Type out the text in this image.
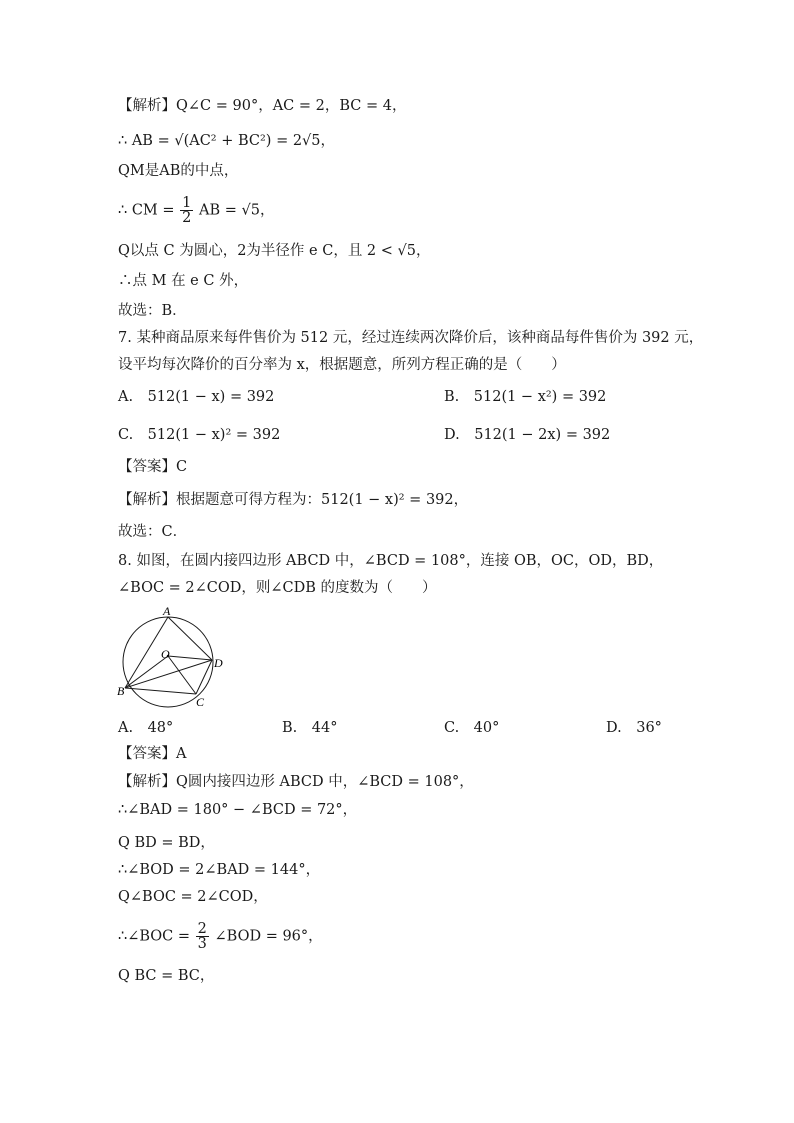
【解析】Q∠C = 90°，AC = 2，BC = 4，
∴ AB = √(AC² + BC²) = 2√5，
QM是AB的中点，
∴ CM = $\frac{1}{2}$ AB = √5，
Q以点 C 为圆心，2为半径作 e C，且 2 < √5，
∴点 M 在 e C 外，
故选：B．
7. 某种商品原来每件售价为 512 元，经过连续两次降价后，该种商品每件售价为 392 元，
设平均每次降价的百分率为 x，根据题意，所列方程正确的是（　　）
A.　512(1 − x) = 392	B.　512(1 − x²) = 392
C.　512(1 − x)² = 392	D.　512(1 − 2x) = 392
【答案】C
【解析】根据题意可得方程为：512(1 − x)² = 392，
故选：C．
8. 如图，在圆内接四边形 ABCD 中，∠BCD = 108°，连接 OB，OC，OD，BD，
∠BOC = 2∠COD，则∠CDB 的度数为（　　）
A
O
D
B
C
A.　48°	B.　44°	C.　40°	D.　36°
【答案】A
【解析】Q圆内接四边形 ABCD 中，∠BCD = 108°，
∴∠BAD = 180° − ∠BCD = 72°，
Q BD = BD，
∴∠BOD = 2∠BAD = 144°，
Q∠BOC = 2∠COD，
∴∠BOC = $\frac{2}{3}$ ∠BOD = 96°，
Q BC = BC，
